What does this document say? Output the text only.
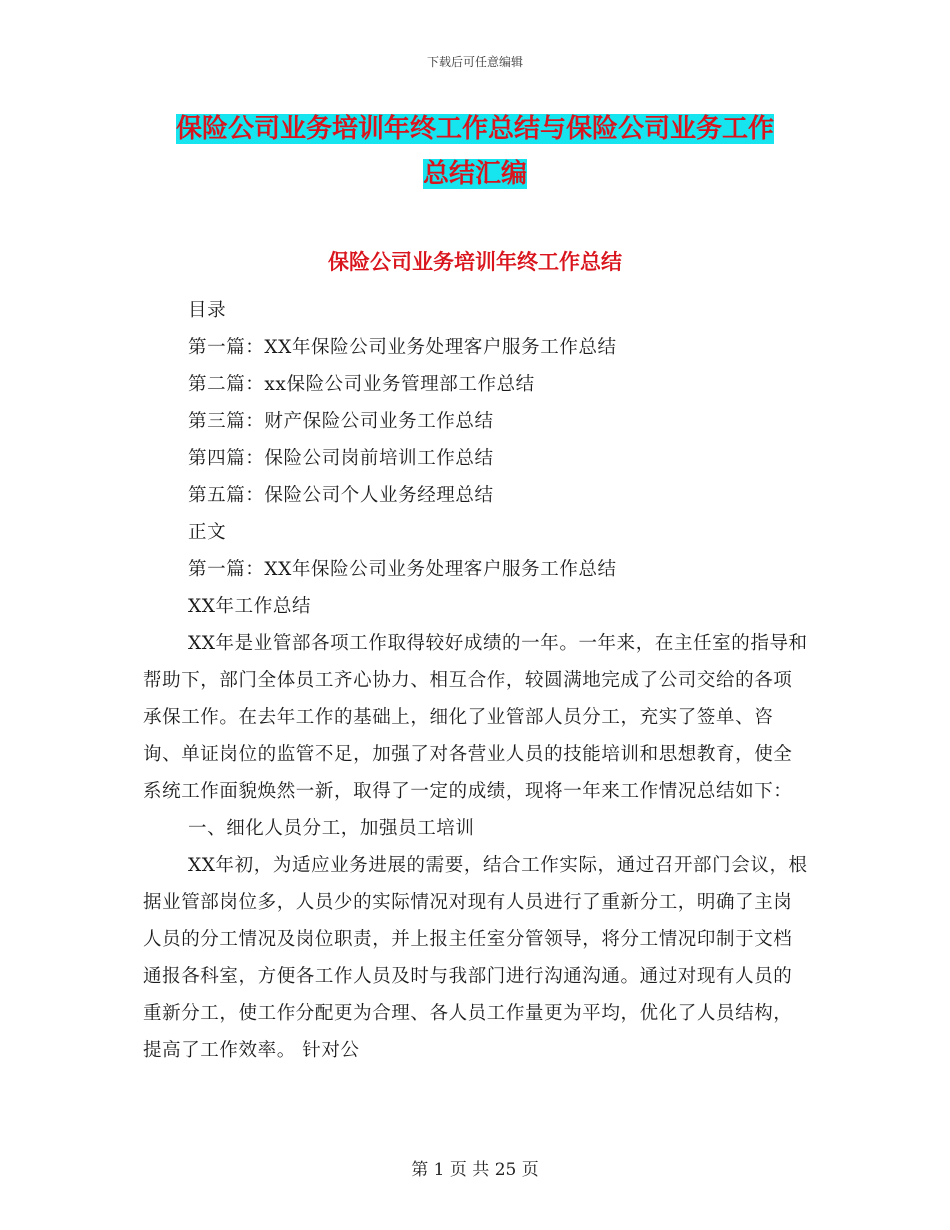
下载后可任意编辑
保险公司业务培训年终工作总结与保险公司业务工作
总结汇编
保险公司业务培训年终工作总结

目录

第一篇：XX年保险公司业务处理客户服务工作总结

第二篇：xx保险公司业务管理部工作总结

第三篇：财产保险公司业务工作总结

第四篇：保险公司岗前培训工作总结

第五篇：保险公司个人业务经理总结

正文

第一篇：XX年保险公司业务处理客户服务工作总结

XX年工作总结

XX年是业管部各项工作取得较好成绩的一年。一年来，在主任室的指导和帮助下，部门全体员工齐心协力、相互合作，较圆满地完成了公司交给的各项承保工作。在去年工作的基础上，细化了业管部人员分工，充实了签单、咨询、单证岗位的监管不足，加强了对各营业人员的技能培训和思想教育，使全系统工作面貌焕然一新，取得了一定的成绩，现将一年来工作情况总结如下：

一、细化人员分工，加强员工培训

XX年初，为适应业务进展的需要，结合工作实际，通过召开部门会议，根据业管部岗位多，人员少的实际情况对现有人员进行了重新分工，明确了主岗人员的分工情况及岗位职责，并上报主任室分管领导，将分工情况印制于文档通报各科室，方便各工作人员及时与我部门进行沟通沟通。通过对现有人员的重新分工，使工作分配更为合理、各人员工作量更为平均，优化了人员结构，提高了工作效率。 针对公

第 1 页 共 25 页
